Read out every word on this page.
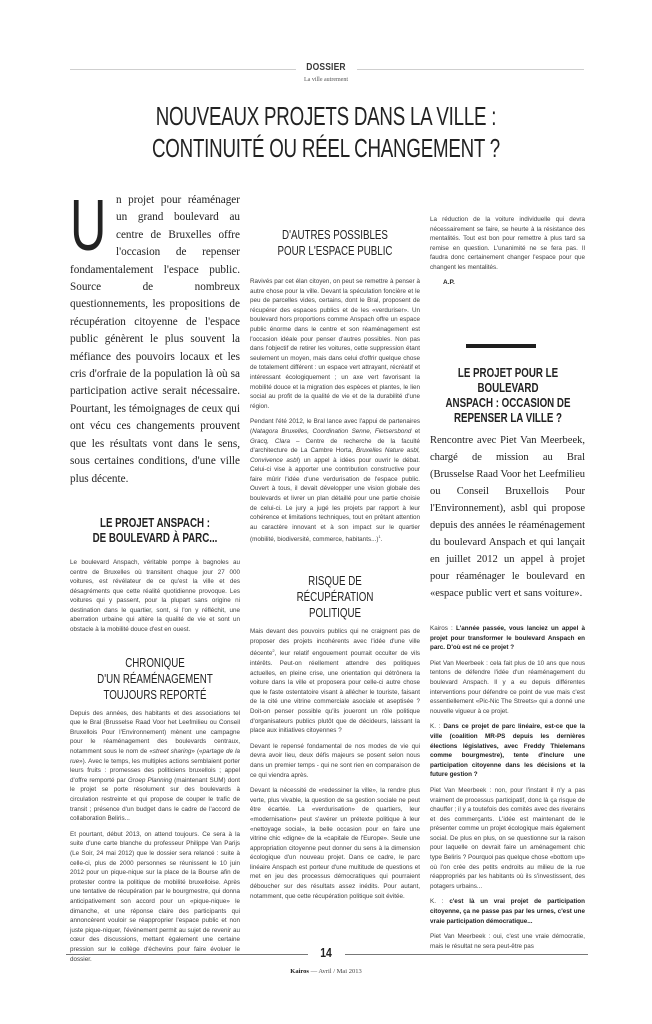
DOSSIER
La ville autrement
NOUVEAUX PROJETS DANS LA VILLE :
CONTINUITÉ OU RÉEL CHANGEMENT ?
U n projet pour réaménager un grand boulevard au centre de Bruxelles offre l'occasion de repenser fondamentalement l'espace public. Source de nombreux questionnements, les propositions de récupération citoyenne de l'espace public génèrent le plus souvent la méfiance des pouvoirs locaux et les cris d'orfraie de la population là où sa participation active serait nécessaire. Pourtant, les témoignages de ceux qui ont vécu ces changements prouvent que les résultats vont dans le sens, sous certaines conditions, d'une ville plus décente.

LE PROJET ANSPACH :
DE BOULEVARD À PARC...

Le boulevard Anspach, véritable pompe à bagnoles au centre de Bruxelles où transitent chaque jour 27 000 voitures, est révélateur de ce qu'est la ville et des désagréments que cette réalité quotidienne provoque. Les voitures qui y passent, pour la plupart sans origine ni destination dans le quartier, sont, si l'on y réfléchit, une aberration urbaine qui altère la qualité de vie et sont un obstacle à la mobilité douce d'est en ouest.

CHRONIQUE
D'UN RÉAMÉNAGEMENT
TOUJOURS REPORTÉ

Depuis des années, des habitants et des associations tel que le Bral (Brusselse Raad Voor het Leefmilieu ou Conseil Bruxellois Pour l'Environnement) mènent une campagne pour le réaménagement des boulevards centraux, notamment sous le nom de «street sharing» («partage de la rue»). Avec le temps, les multiples actions semblaient porter leurs fruits : promesses des politiciens bruxellois ; appel d'offre remporté par Groep Planning (maintenant SUM) dont le projet se porte résolument sur des boulevards à circulation restreinte et qui propose de couper le trafic de transit ; présence d'un budget dans le cadre de l'accord de collaboration Beliris...

Et pourtant, début 2013, on attend toujours. Ce sera à la suite d'une carte blanche du professeur Philippe Van Parijs (Le Soir, 24 mai 2012) que le dossier sera relancé : suite à celle-ci, plus de 2000 personnes se réunissent le 10 juin 2012 pour un pique-nique sur la place de la Bourse afin de protester contre la politique de mobilité bruxelloise. Après une tentative de récupération par le bourgmestre, qui donna anticipativement son accord pour un «pique-nique» le dimanche, et une réponse claire des participants qui annoncèrent vouloir se réapproprier l'espace public et non juste pique-niquer, l'événement permit au sujet de revenir au cœur des discussions, mettant également une certaine pression sur le collège d'échevins pour faire évoluer le dossier.

D'AUTRES POSSIBLES
POUR L'ESPACE PUBLIC

Ravivés par cet élan citoyen, on peut se remettre à penser à autre chose pour la ville. Devant la spéculation foncière et le peu de parcelles vides, certains, dont le Bral, proposent de récupérer des espaces publics et de les «verduriser». Un boulevard hors proportions comme Anspach offre un espace public énorme dans le centre et son réaménagement est l'occasion idéale pour penser d'autres possibles. Non pas dans l'objectif de retirer les voitures, cette suppression étant seulement un moyen, mais dans celui d'offrir quelque chose de totalement différent : un espace vert attrayant, récréatif et intéressant écologiquement ; un axe vert favorisant la mobilité douce et la migration des espèces et plantes, le lien social au profit de la qualité de vie et de la durabilité d'une région.

Pendant l'été 2012, le Bral lance avec l'appui de partenaires (Natagora Bruxelles, Coordination Senne, Fietsersbond et Gracq, Clara – Centre de recherche de la faculté d'architecture de La Cambre Horta, Bruxelles Nature asbl, Convivence asbl) un appel à idées pour ouvrir le débat. Celui-ci vise à apporter une contribution constructive pour faire mûrir l'idée d'une verdurisation de l'espace public. Ouvert à tous, il devait développer une vision globale des boulevards et livrer un plan détaillé pour une partie choisie de celui-ci. Le jury a jugé les projets par rapport à leur cohérence et limitations techniques, tout en prêtant attention au caractère innovant et à son impact sur le quartier (mobilité, biodiversité, commerce, habitants...)$^1$.

RISQUE DE RÉCUPÉRATION
POLITIQUE

Mais devant des pouvoirs publics qui ne craignent pas de proposer des projets incohérents avec l'idée d'une ville décente$^2$, leur relatif engouement pourrait occulter de vils intérêts. Peut-on réellement attendre des politiques actuelles, en pleine crise, une orientation qui détrônera la voiture dans la ville et proposera pour celle-ci autre chose que le faste ostentatoire visant à allécher le touriste, faisant de la cité une vitrine commerciale asociale et aseptisée ? Doit-on penser possible qu'ils joueront un rôle politique d'organisateurs publics plutôt que de décideurs, laissant la place aux initiatives citoyennes ?

Devant le repensé fondamental de nos modes de vie qui devra avoir lieu, deux défis majeurs se posent selon nous dans un premier temps - qui ne sont rien en comparaison de ce qui viendra après.

Devant la nécessité de «redessiner la ville», la rendre plus verte, plus vivable, la question de sa gestion sociale ne peut être écartée. La «verdurisation» de quartiers, leur «modernisation» peut s'avérer un prétexte politique à leur «nettoyage social», la belle occasion pour en faire une vitrine chic «digne» de la «capitale de l'Europe». Seule une appropriation citoyenne peut donner du sens à la dimension écologique d'un nouveau projet. Dans ce cadre, le parc linéaire Anspach est porteur d'une multitude de questions et met en jeu des processus démocratiques qui pourraient déboucher sur des résultats assez inédits. Pour autant, notamment, que cette récupération politique soit évitée.

La réduction de la voiture individuelle qui devra nécessairement se faire, se heurte à la résistance des mentalités. Tout est bon pour remettre à plus tard sa remise en question. L'unanimité ne se fera pas. Il faudra donc certainement changer l'espace pour que changent les mentalités.

A.P.
LE PROJET POUR LE BOULEVARD
ANSPACH : OCCASION DE
REPENSER LA VILLE ?

Rencontre avec Piet Van Meerbeek, chargé de mission au Bral (Brusselse Raad Voor het Leefmilieu ou Conseil Bruxellois Pour l'Environnement), asbl qui propose depuis des années le réaménagement du boulevard Anspach et qui lançait en juillet 2012 un appel à projet pour réaménager le boulevard en «espace public vert et sans voiture».

Kairos : L'année passée, vous lanciez un appel à projet pour transformer le boulevard Anspach en parc. D'où est né ce projet ?

Piet Van Meerbeek : cela fait plus de 10 ans que nous tentons de défendre l'idée d'un réaménagement du boulevard Anspach. Il y a eu depuis différentes interventions pour défendre ce point de vue mais c'est essentiellement «Pic-Nic The Streets» qui a donné une nouvelle vigueur à ce projet.

K. : Dans ce projet de parc linéaire, est-ce que la ville (coalition MR-PS depuis les dernières élections législatives, avec Freddy Thielemans comme bourgmestre), tente d'inclure une participation citoyenne dans les décisions et la future gestion ?

Piet Van Meerbeek : non, pour l'instant il n'y a pas vraiment de processus participatif, donc là ça risque de chauffer ; il y a toutefois des comités avec des riverains et des commerçants. L'idée est maintenant de le présenter comme un projet écologique mais également social. De plus en plus, on se questionne sur la raison pour laquelle on devrait faire un aménagement chic type Beliris ? Pourquoi pas quelque chose «bottom up» où l'on crée des petits endroits au milieu de la rue réappropriés par les habitants où ils s'investissent, des potagers urbains...

K. : c'est là un vrai projet de participation citoyenne, ça ne passe pas par les urnes, c'est une vraie participation démocratique...

Piet Van Meerbeek : oui, c'est une vraie démocratie, mais le résultat ne sera peut-être pas

14
Kairos — Avril / Mai 2013
